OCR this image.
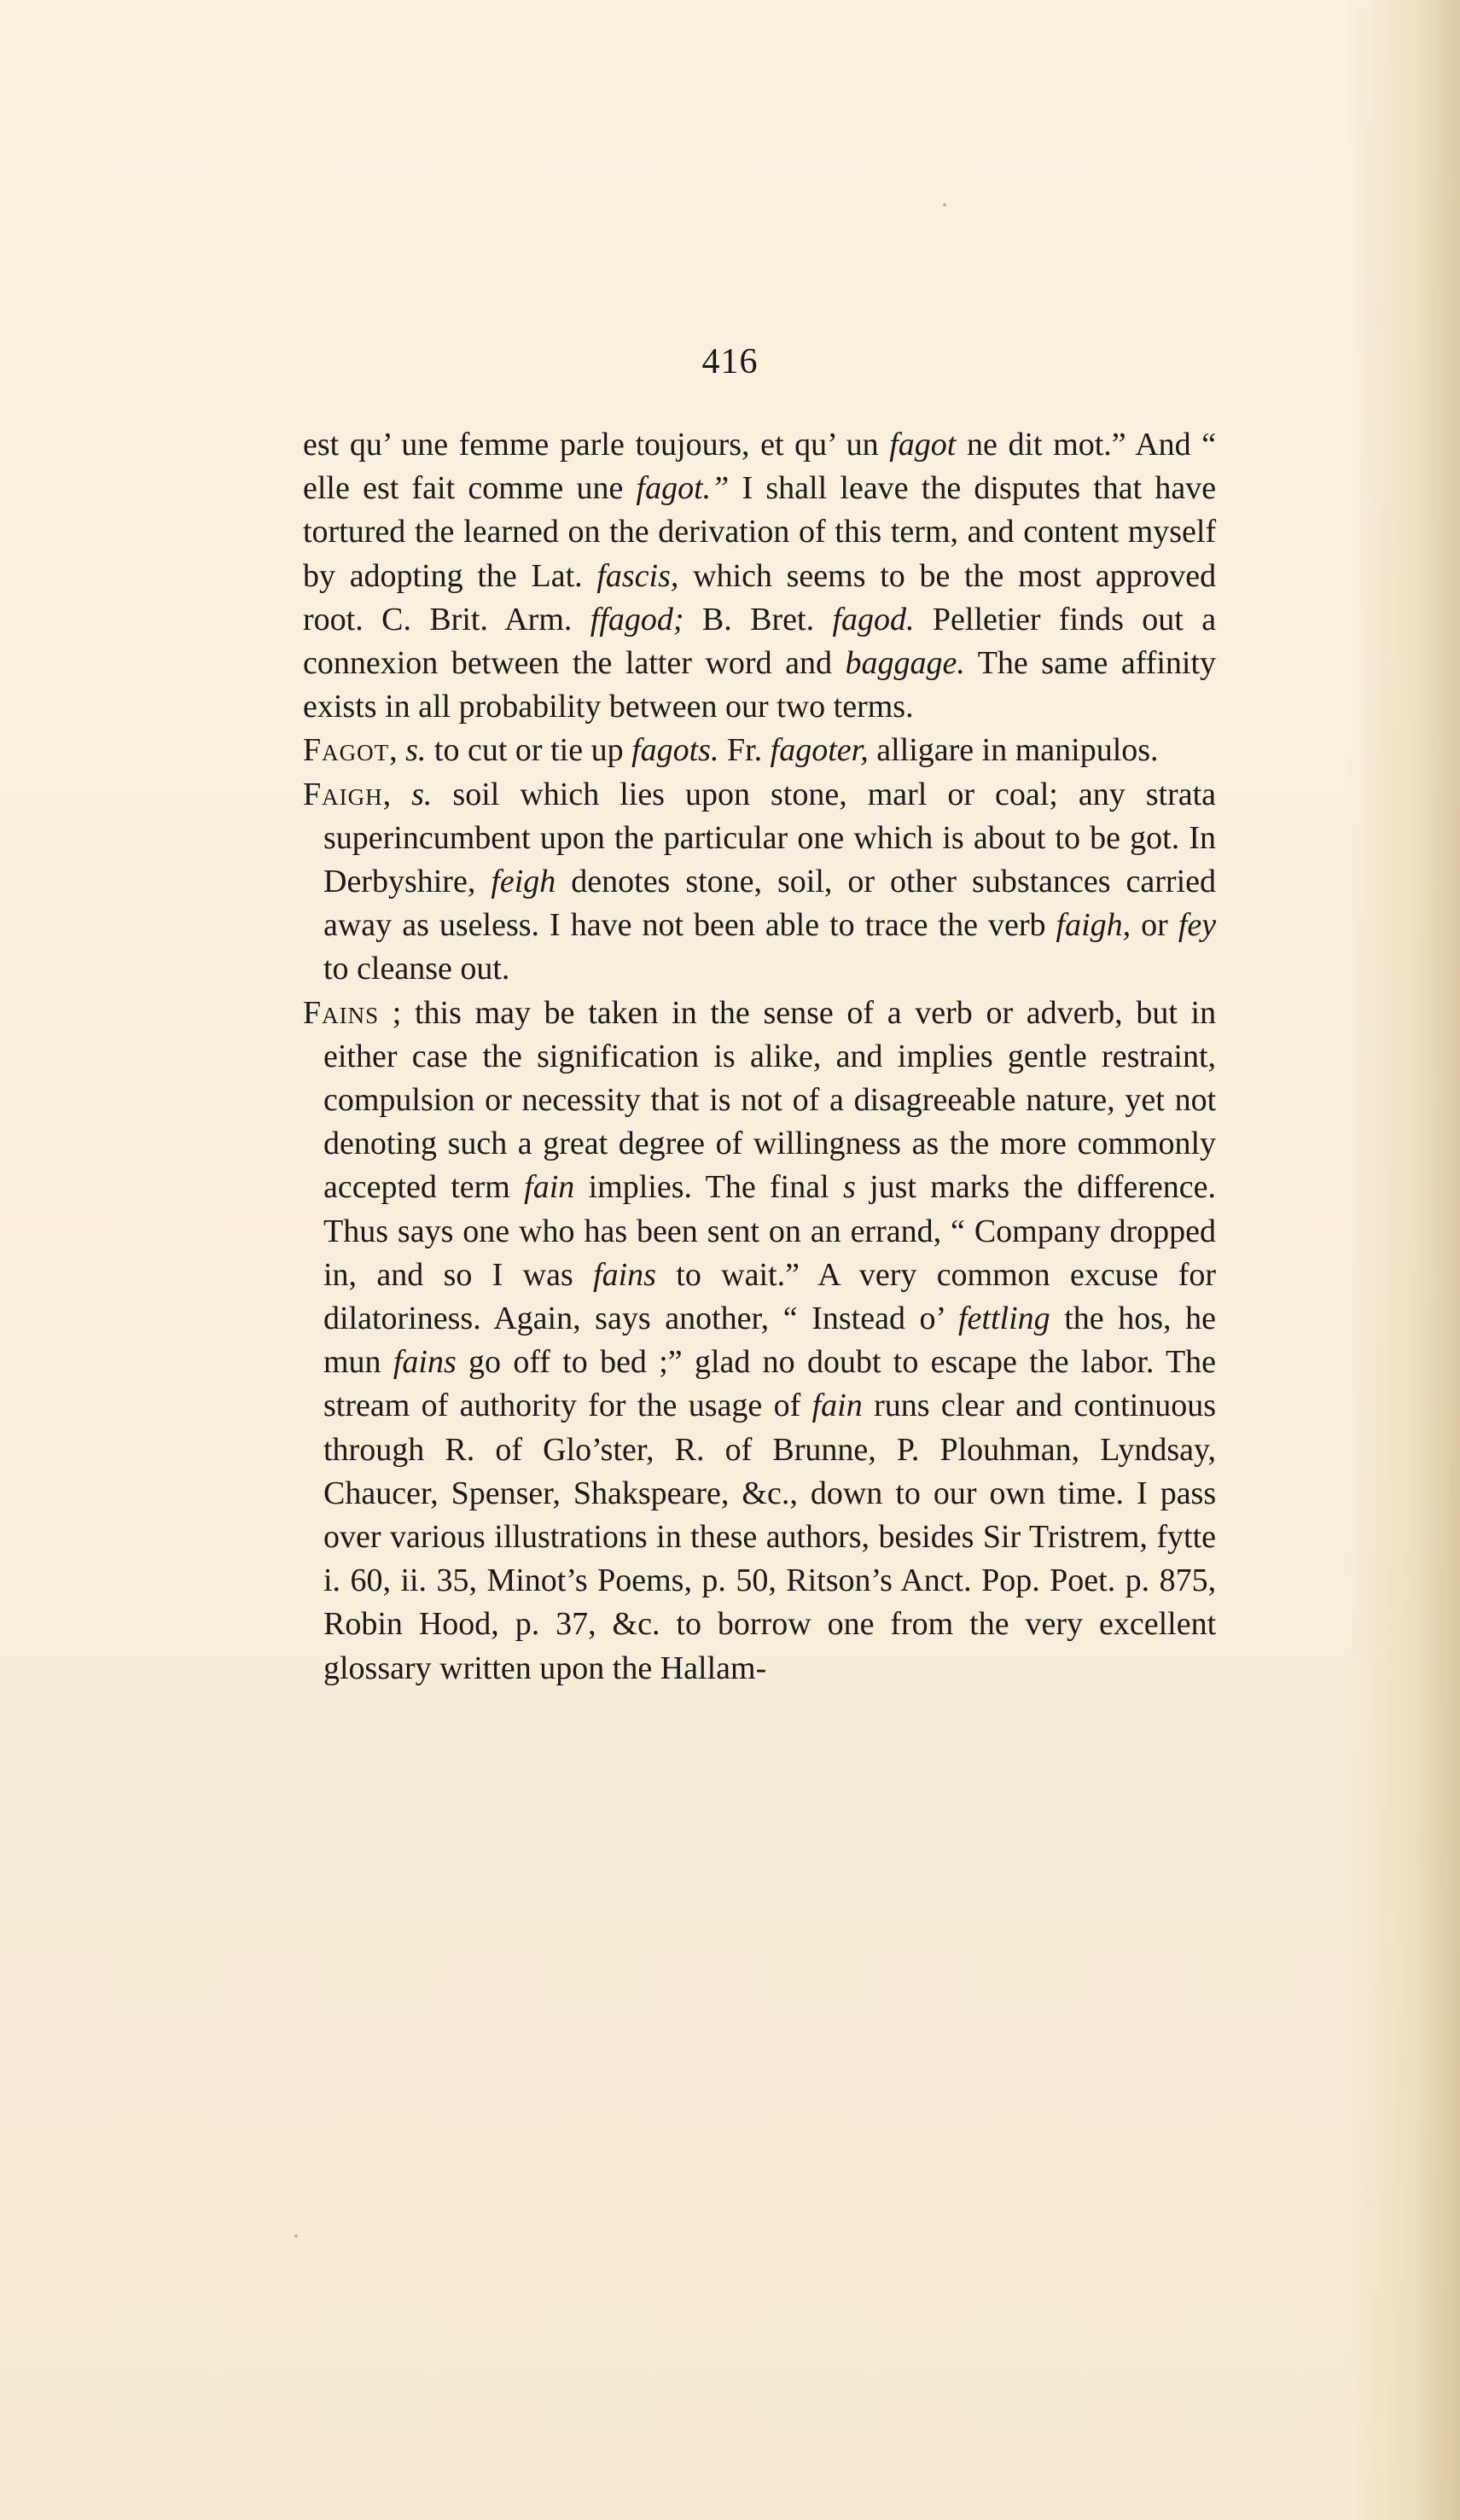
416

est qu’ une femme parle toujours, et qu’ un fagot ne dit mot.” And “ elle est fait comme une fagot.” I shall leave the disputes that have tortured the learned on the derivation of this term, and content myself by adopting the Lat. fascis, which seems to be the most approved root. C. Brit. Arm. ffagod; B. Bret. fagod. Pelletier finds out a connexion between the latter word and baggage. The same affinity exists in all probability between our two terms.

Fagot, s. to cut or tie up fagots. Fr. fagoter, alligare in manipulos.

Faigh, s. soil which lies upon stone, marl or coal; any strata superincumbent upon the particular one which is about to be got. In Derbyshire, feigh denotes stone, soil, or other substances carried away as useless. I have not been able to trace the verb faigh, or fey to cleanse out.

Fains ; this may be taken in the sense of a verb or adverb, but in either case the signification is alike, and implies gentle restraint, compulsion or necessity that is not of a disagreeable nature, yet not denoting such a great degree of willingness as the more commonly accepted term fain implies. The final s just marks the difference. Thus says one who has been sent on an errand, “ Company dropped in, and so I was fains to wait.” A very common excuse for dilatoriness. Again, says another, “ Instead o’ fettling the hos, he mun fains go off to bed ;” glad no doubt to escape the labor. The stream of authority for the usage of fain runs clear and continuous through R. of Glo’ster, R. of Brunne, P. Plouhman, Lyndsay, Chaucer, Spenser, Shakspeare, &c., down to our own time. I pass over various illustrations in these authors, besides Sir Tristrem, fytte i. 60, ii. 35, Minot’s Poems, p. 50, Ritson’s Anct. Pop. Poet. p. 875, Robin Hood, p. 37, &c. to borrow one from the very excellent glossary written upon the Hallam-
